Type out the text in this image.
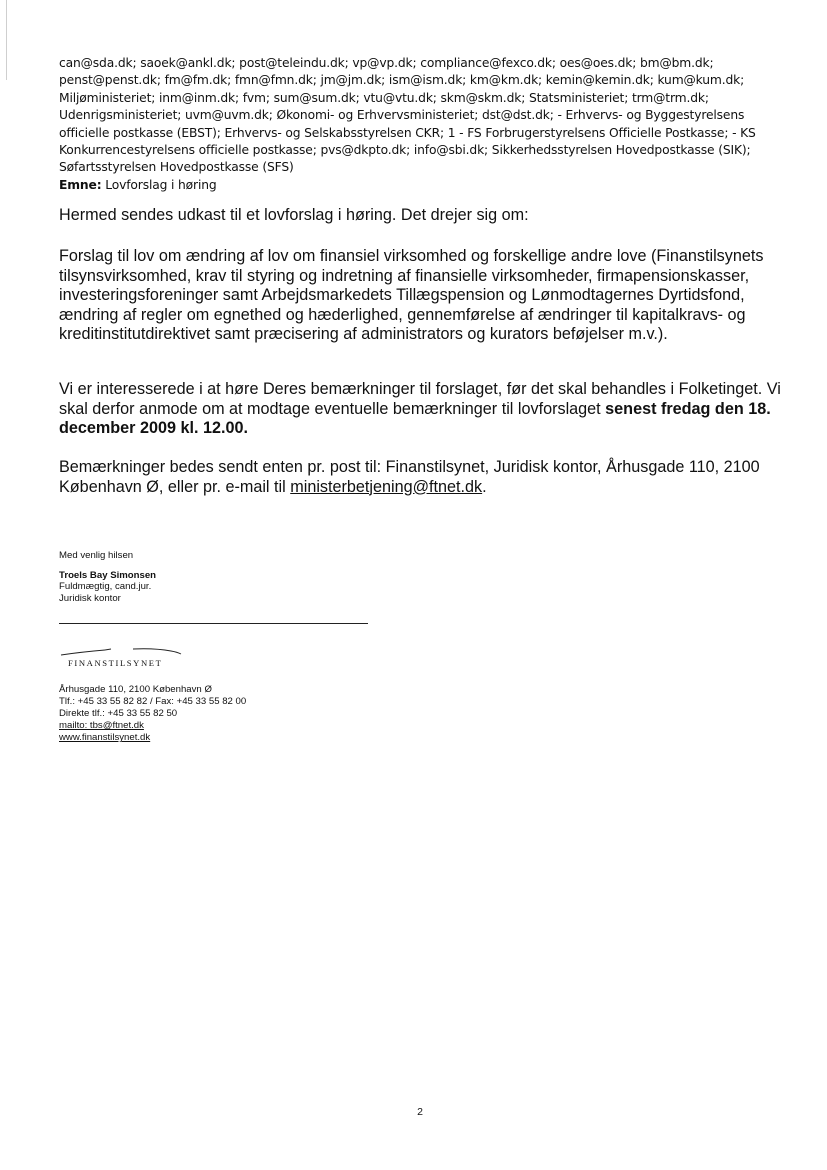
can@sda.dk; saoek@ankl.dk; post@teleindu.dk; vp@vp.dk; compliance@fexco.dk; oes@oes.dk; bm@bm.dk;

penst@penst.dk; fm@fm.dk; fmn@fmn.dk; jm@jm.dk; ism@ism.dk; km@km.dk; kemin@kemin.dk; kum@kum.dk;

Miljøministeriet; inm@inm.dk; fvm; sum@sum.dk; vtu@vtu.dk; skm@skm.dk; Statsministeriet; trm@trm.dk;

Udenrigsministeriet; uvm@uvm.dk; Økonomi- og Erhvervsministeriet; dst@dst.dk; - Erhvervs- og Byggestyrelsens

officielle postkasse (EBST); Erhvervs- og Selskabsstyrelsen CKR; 1 - FS Forbrugerstyrelsens Officielle Postkasse; - KS

Konkurrencestyrelsens officielle postkasse; pvs@dkpto.dk; info@sbi.dk; Sikkerhedsstyrelsen Hovedpostkasse (SIK);

Søfartsstyrelsen Hovedpostkasse (SFS)

Emne: Lovforslag i høring

Hermed sendes udkast til et lovforslag i høring. Det drejer sig om:

Forslag til lov om ændring af lov om finansiel virksomhed og forskellige andre love (Finanstilsynets tilsynsvirksomhed, krav til styring og indretning af finansielle virksomheder, firmapensionskasser, investeringsforeninger samt Arbejdsmarkedets Tillægspension og Lønmodtagernes Dyrtidsfond, ændring af regler om egnethed og hæderlighed, gennemførelse af ændringer til kapitalkravs- og kreditinstitutdirektivet samt præcisering af administrators og kurators beføjelser m.v.).

Vi er interesserede i at høre Deres bemærkninger til forslaget, før det skal behandles i Folketinget. Vi skal derfor anmode om at modtage eventuelle bemærkninger til lovforslaget senest fredag den 18. december 2009 kl. 12.00.

Bemærkninger bedes sendt enten pr. post til: Finanstilsynet, Juridisk kontor, Århusgade 110, 2100 København Ø, eller pr. e-mail til ministerbetjening@ftnet.dk.

Med venlig hilsen

Troels Bay Simonsen

Fuldmægtig, cand.jur.

Juridisk kontor

FINANSTILSYNET

Århusgade 110, 2100 København Ø

Tlf.: +45 33 55 82 82 / Fax: +45 33 55 82 00

Direkte tlf.: +45 33 55 82 50

mailto: tbs@ftnet.dk

www.finanstilsynet.dk

2
